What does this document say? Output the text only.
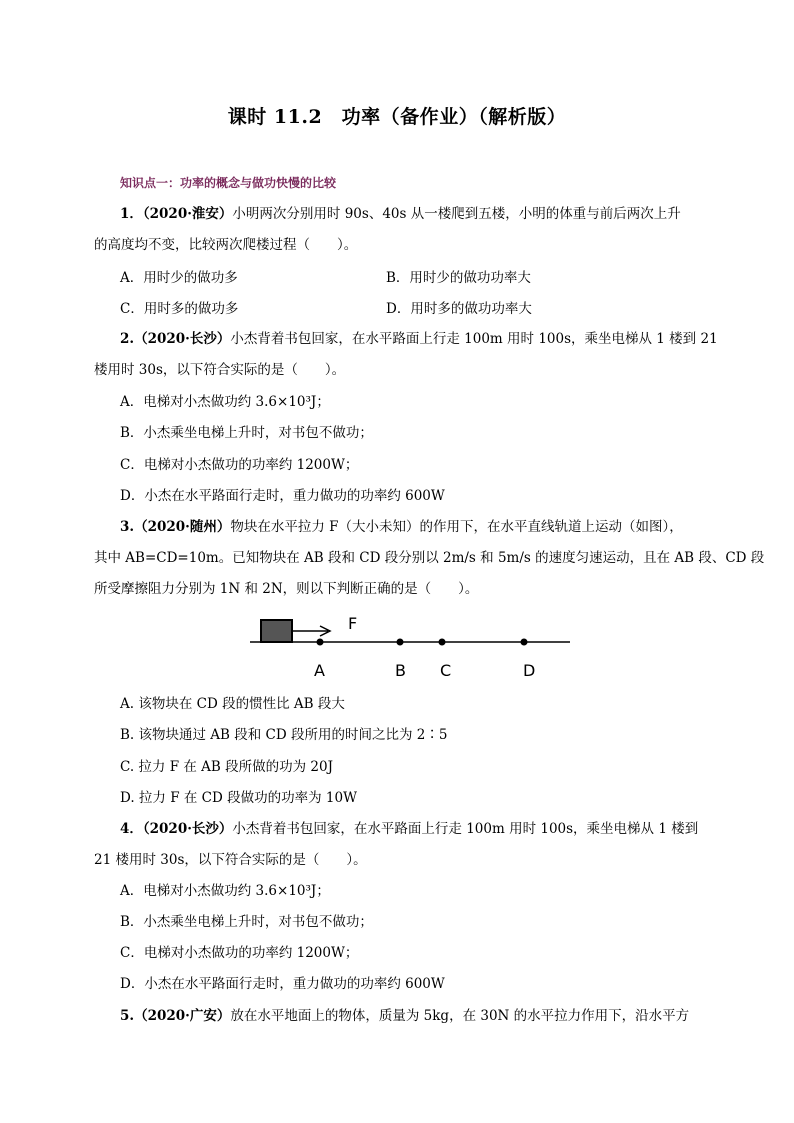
课时 11.2　功率（备作业）（解析版）
知识点一：功率的概念与做功快慢的比较
1．（2020·淮安）小明两次分别用时 90s、40s 从一楼爬到五楼，小明的体重与前后两次上升
的高度均不变，比较两次爬楼过程（　　）。
A．用时少的做功多	B．用时少的做功功率大
C．用时多的做功多	D．用时多的做功功率大
2.（2020·长沙）小杰背着书包回家，在水平路面上行走 100m 用时 100s，乘坐电梯从 1 楼到 21
楼用时 30s，以下符合实际的是（　　）。
A．电梯对小杰做功约 3.6×10³J；
B．小杰乘坐电梯上升时，对书包不做功；
C．电梯对小杰做功的功率约 1200W；
D．小杰在水平路面行走时，重力做功的功率约 600W
3.（2020·随州）物块在水平拉力 F（大小未知）的作用下，在水平直线轨道上运动（如图），
其中 AB=CD=10m。已知物块在 AB 段和 CD 段分别以 2m/s 和 5m/s 的速度匀速运动，且在 AB 段、CD 段
所受摩擦阻力分别为 1N 和 2N，则以下判断正确的是（　　）。
F
A	B C	D
A. 该物块在 CD 段的惯性比 AB 段大
B. 该物块通过 AB 段和 CD 段所用的时间之比为 2∶5
C. 拉力 F 在 AB 段所做的功为 20J
D. 拉力 F 在 CD 段做功的功率为 10W
4．（2020·长沙）小杰背着书包回家，在水平路面上行走 100m 用时 100s，乘坐电梯从 1 楼到
21 楼用时 30s，以下符合实际的是（　　）。
A．电梯对小杰做功约 3.6×10³J；
B．小杰乘坐电梯上升时，对书包不做功；
C．电梯对小杰做功的功率约 1200W；
D．小杰在水平路面行走时，重力做功的功率约 600W
5.（2020·广安）放在水平地面上的物体，质量为 5kg，在 30N 的水平拉力作用下，沿水平方
